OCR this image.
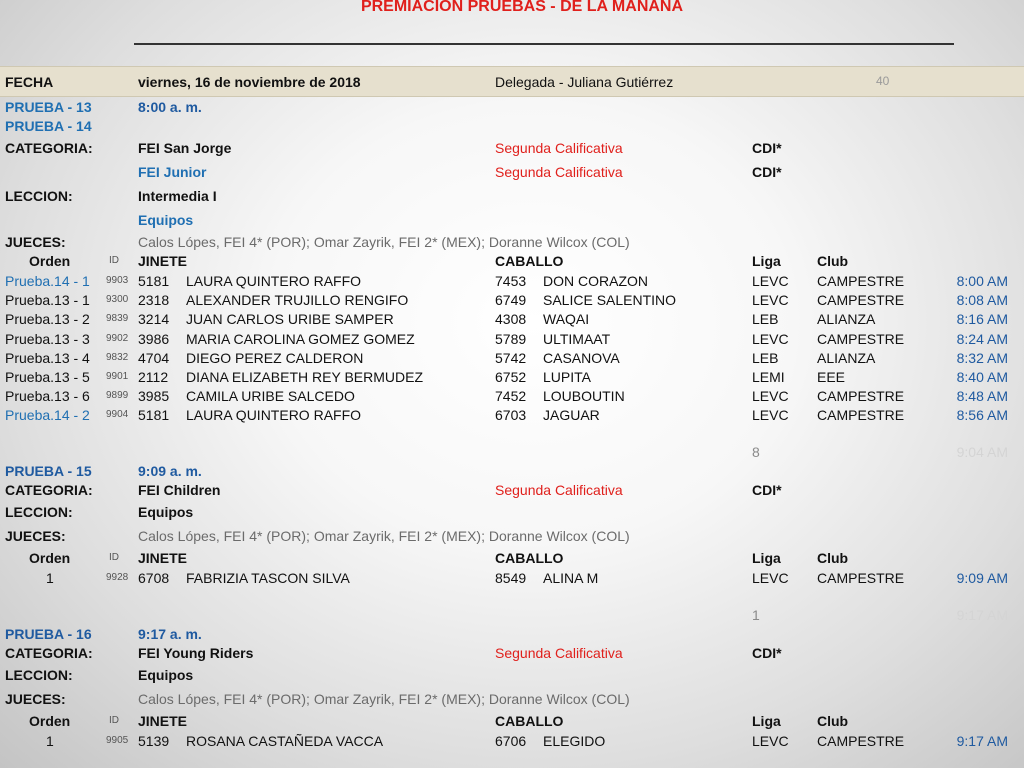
PREMIACION PRUEBAS - DE LA MANANA
FECHA	viernes, 16 de noviembre de 2018	Delegada - Juliana Gutiérrez	40
PRUEBA - 13	8:00 a. m.
PRUEBA - 14
CATEGORIA:	FEI San Jorge	Segunda Calificativa	CDI*
FEI Junior	Segunda Calificativa	CDI*
LECCION:	Intermedia I
Equipos
JUECES:	Calos Lópes, FEI 4* (POR); Omar Zayrik, FEI 2* (MEX); Doranne Wilcox (COL)
Orden	ID JINETE	CABALLO	Liga	Club
Prueba.14 - 1 9903 5181 LAURA QUINTERO RAFFO	7453 DON CORAZON	LEVC CAMPESTRE	8:00 AM
Prueba.13 - 1 9300 2318 ALEXANDER TRUJILLO RENGIFO	6749 SALICE SALENTINO	LEVC CAMPESTRE	8:08 AM
Prueba.13 - 2 9839 3214 JUAN CARLOS URIBE SAMPER	4308 WAQAI	LEB	ALIANZA	8:16 AM
Prueba.13 - 3 9902 3986 MARIA CAROLINA GOMEZ GOMEZ	5789 ULTIMAAT	LEVC CAMPESTRE	8:24 AM
Prueba.13 - 4 9832 4704 DIEGO PEREZ CALDERON	5742 CASANOVA	LEB	ALIANZA	8:32 AM
Prueba.13 - 5 9901 2112 DIANA ELIZABETH REY BERMUDEZ	6752 LUPITA	LEMI EEE	8:40 AM
Prueba.13 - 6 9899 3985 CAMILA URIBE SALCEDO	7452 LOUBOUTIN	LEVC CAMPESTRE	8:48 AM
Prueba.14 - 2 9904 5181 LAURA QUINTERO RAFFO	6703 JAGUAR	LEVC CAMPESTRE	8:56 AM
8	9:04 AM
PRUEBA - 15	9:09 a. m.
CATEGORIA:	FEI Children	Segunda Calificativa	CDI*
LECCION:	Equipos
JUECES:	Calos Lópes, FEI 4* (POR); Omar Zayrik, FEI 2* (MEX); Doranne Wilcox (COL)
Orden	ID JINETE	CABALLO	Liga	Club
1	9928 6708 FABRIZIA TASCON SILVA	8549 ALINA M	LEVC CAMPESTRE	9:09 AM
1	9:17 AM
PRUEBA - 16	9:17 a. m.
CATEGORIA:	FEI Young Riders	Segunda Calificativa	CDI*
LECCION:	Equipos
JUECES:	Calos Lópes, FEI 4* (POR); Omar Zayrik, FEI 2* (MEX); Doranne Wilcox (COL)
Orden	ID JINETE	CABALLO	Liga	Club
1	9905 5139 ROSANA CASTAÑEDA VACCA	6706 ELEGIDO	LEVC CAMPESTRE	9:17 AM
